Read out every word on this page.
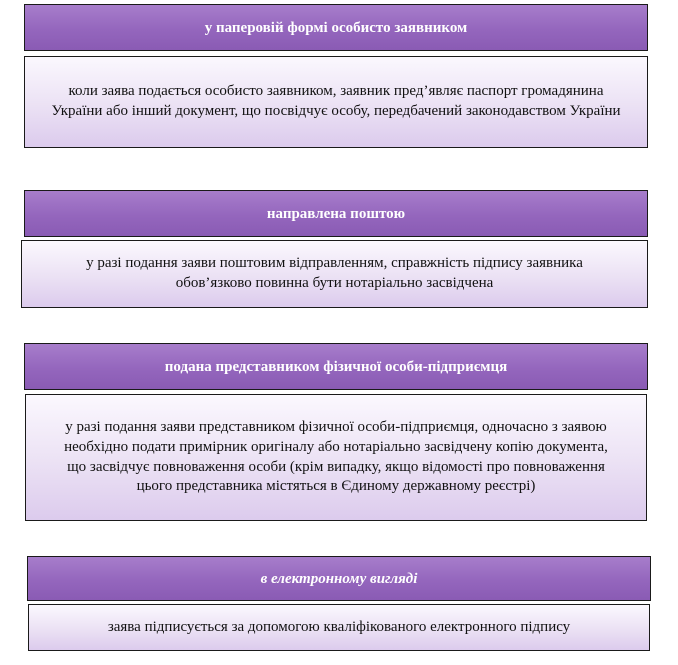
у паперовій формі особисто заявником
коли заява подається особисто заявником, заявник пред’являє паспорт громадянина України або інший документ, що посвідчує особу, передбачений законодавством України
направлена поштою
у разі подання заяви поштовим відправленням, справжність підпису заявника обов’язково повинна бути нотаріально засвідчена
подана представником фізичної особи-підприємця
у разі подання заяви представником фізичної особи-підприємця, одночасно з заявою необхідно подати примірник оригіналу або нотаріально засвідчену копію документа, що засвідчує повноваження особи (крім випадку, якщо відомості про повноваження цього представника містяться в Єдиному державному реєстрі)
в електронному вигляді
заява підписується за допомогою кваліфікованого електронного підпису
